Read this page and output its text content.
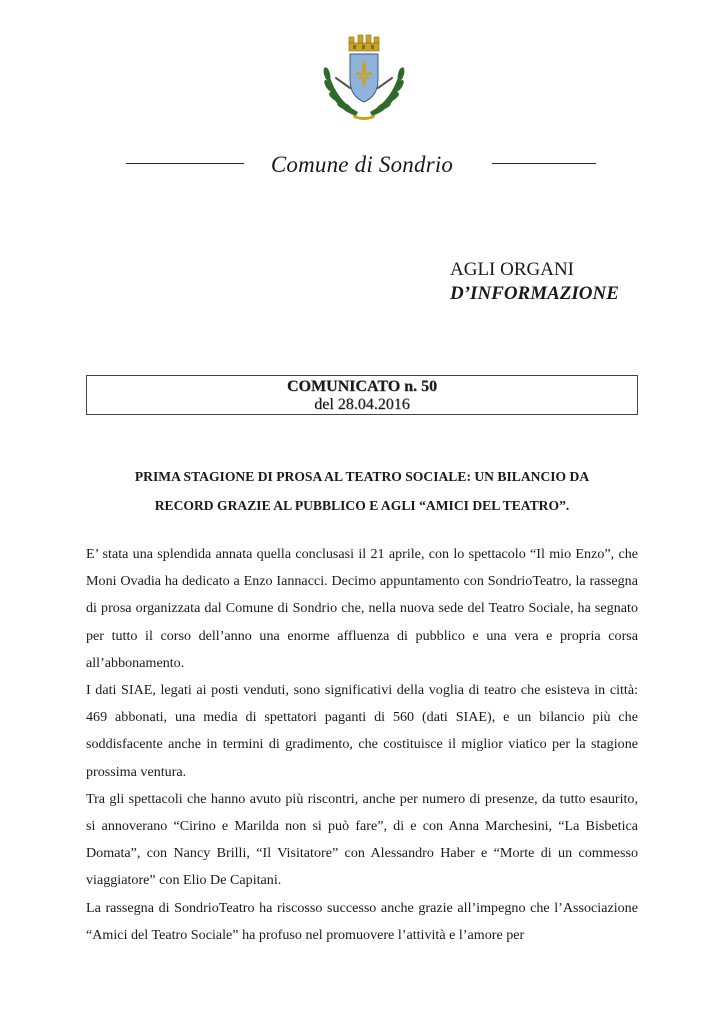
Comune di Sondrio
AGLI ORGANI
D’INFORMAZIONE
COMUNICATO n. 50
del 28.04.2016
PRIMA STAGIONE DI PROSA AL TEATRO SOCIALE: UN BILANCIO DA
RECORD GRAZIE AL PUBBLICO E AGLI “AMICI DEL TEATRO”.

E’ stata una splendida annata quella conclusasi il 21 aprile, con lo spettacolo “Il mio Enzo”, che Moni Ovadia ha dedicato a Enzo Iannacci. Decimo appuntamento con SondrioTeatro, la rassegna di prosa organizzata dal Comune di Sondrio che, nella nuova sede del Teatro Sociale, ha segnato per tutto il corso dell’anno una enorme affluenza di pubblico e una vera e propria corsa all’abbonamento.

I dati SIAE, legati ai posti venduti, sono significativi della voglia di teatro che esisteva in città: 469 abbonati, una media di spettatori paganti di 560 (dati SIAE), e un bilancio più che soddisfacente anche in termini di gradimento, che costituisce il miglior viatico per la stagione prossima ventura.

Tra gli spettacoli che hanno avuto più riscontri, anche per numero di presenze, da tutto esaurito, si annoverano “Cirino e Marilda non si può fare”, di e con Anna Marchesini, “La Bisbetica Domata”, con Nancy Brilli, “Il Visitatore” con Alessandro Haber e “Morte di un commesso viaggiatore” con Elio De Capitani.

La rassegna di SondrioTeatro ha riscosso successo anche grazie all’impegno che l’Associazione “Amici del Teatro Sociale” ha profuso nel promuovere l’attività e l’amore per
